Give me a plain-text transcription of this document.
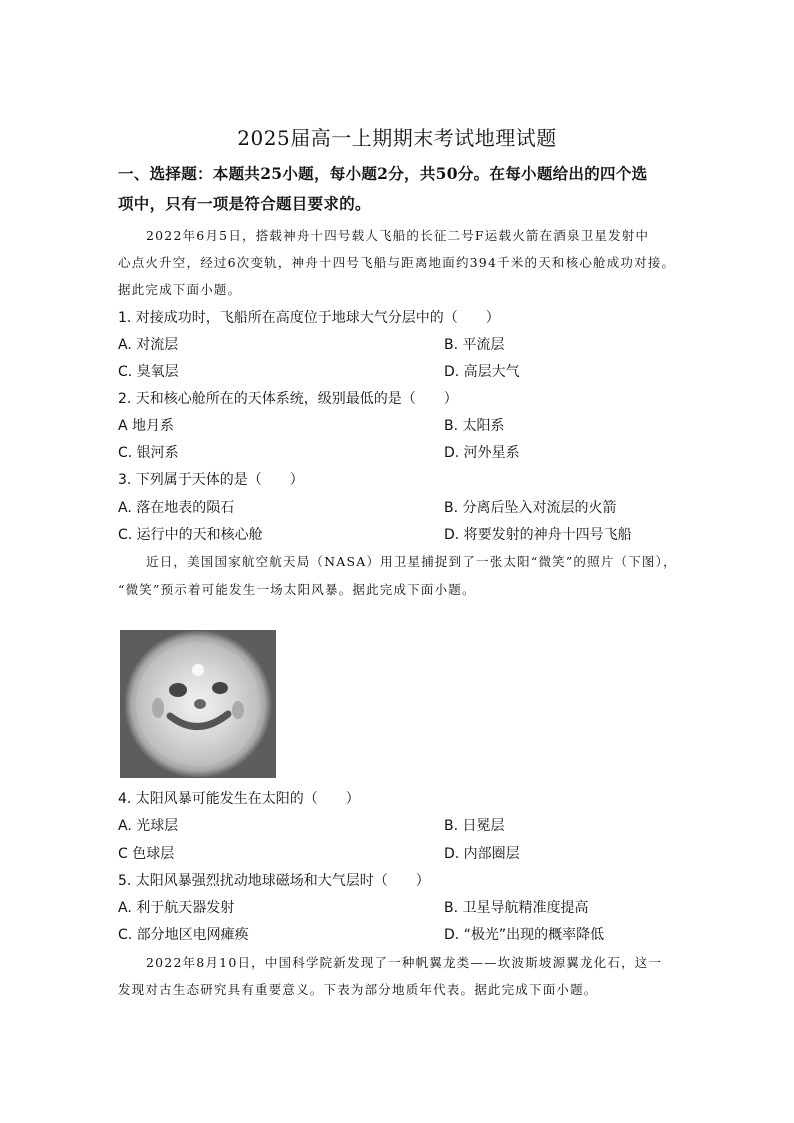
2025届高一上期期末考试地理试题
一、选择题：本题共25小题，每小题2分，共50分。在每小题给出的四个选
项中，只有一项是符合题目要求的。
2022年6月5日，搭载神舟十四号载人飞船的长征二号F运载火箭在酒泉卫星发射中
心点火升空，经过6次变轨，神舟十四号飞船与距离地面约394千米的天和核心舱成功对接。
据此完成下面小题。
1. 对接成功时，飞船所在高度位于地球大气分层中的（　　）
A. 对流层	B. 平流层
C. 臭氧层	D. 高层大气
2. 天和核心舱所在的天体系统，级别最低的是（　　）
A 地月系	B. 太阳系
C. 银河系	D. 河外星系
3. 下列属于天体的是（　　）
A. 落在地表的陨石	B. 分离后坠入对流层的火箭
C. 运行中的天和核心舱	D. 将要发射的神舟十四号飞船
近日，美国国家航空航天局（NASA）用卫星捕捉到了一张太阳“微笑”的照片（下图），
“微笑”预示着可能发生一场太阳风暴。据此完成下面小题。
4. 太阳风暴可能发生在太阳的（　　）
A. 光球层	B. 日冕层
C 色球层	D. 内部圈层
5. 太阳风暴强烈扰动地球磁场和大气层时（　　）
A. 利于航天器发射	B. 卫星导航精准度提高
C. 部分地区电网瘫痪	D. “极光”出现的概率降低
2022年8月10日，中国科学院新发现了一种帆翼龙类——坎波斯坡源翼龙化石，这一
发现对古生态研究具有重要意义。下表为部分地质年代表。据此完成下面小题。
